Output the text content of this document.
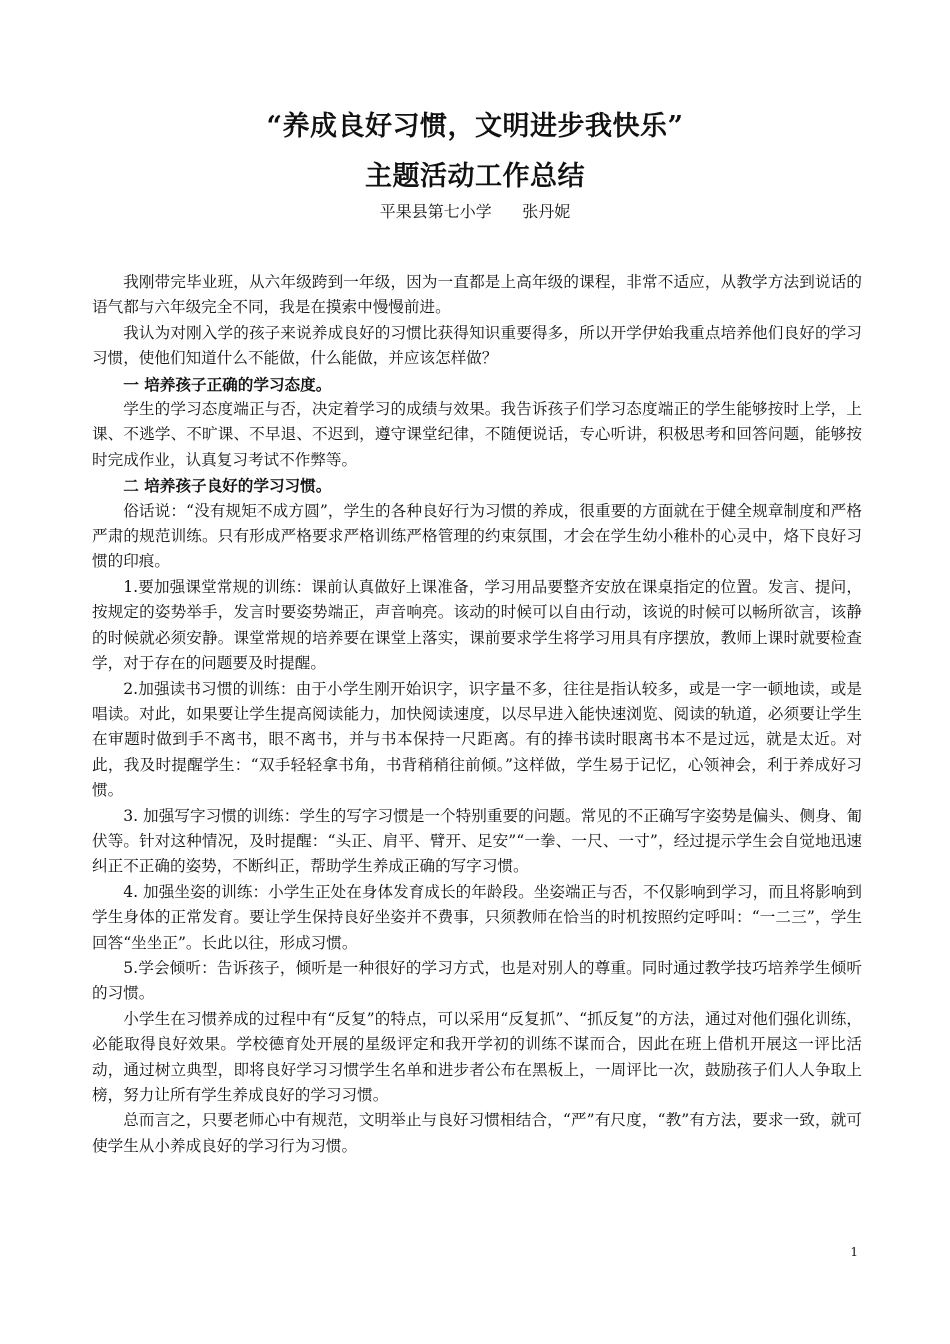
“养成良好习惯，文明进步我快乐”
主题活动工作总结
平果县第七小学      张丹妮

我刚带完毕业班，从六年级跨到一年级，因为一直都是上高年级的课程，非常不适应，从教学方法到说话的语气都与六年级完全不同，我是在摸索中慢慢前进。

我认为对刚入学的孩子来说养成良好的习惯比获得知识重要得多，所以开学伊始我重点培养他们良好的学习习惯，使他们知道什么不能做，什么能做，并应该怎样做？

一 培养孩子正确的学习态度。

学生的学习态度端正与否，决定着学习的成绩与效果。我告诉孩子们学习态度端正的学生能够按时上学，上课、不逃学、不旷课、不早退、不迟到，遵守课堂纪律，不随便说话，专心听讲，积极思考和回答问题，能够按时完成作业，认真复习考试不作弊等。

二 培养孩子良好的学习习惯。

俗话说：“没有规矩不成方圆”，学生的各种良好行为习惯的养成，很重要的方面就在于健全规章制度和严格严肃的规范训练。只有形成严格要求严格训练严格管理的约束氛围，才会在学生幼小稚朴的心灵中，烙下良好习惯的印痕。

1.要加强课堂常规的训练：课前认真做好上课准备，学习用品要整齐安放在课桌指定的位置。发言、提问，按规定的姿势举手，发言时要姿势端正，声音响亮。该动的时候可以自由行动，该说的时候可以畅所欲言，该静的时候就必须安静。课堂常规的培养要在课堂上落实，课前要求学生将学习用具有序摆放，教师上课时就要检查学，对于存在的问题要及时提醒。

2.加强读书习惯的训练：由于小学生刚开始识字，识字量不多，往往是指认较多，或是一字一顿地读，或是唱读。对此，如果要让学生提高阅读能力，加快阅读速度，以尽早进入能快速浏览、阅读的轨道，必须要让学生在审题时做到手不离书，眼不离书，并与书本保持一尺距离。有的捧书读时眼离书本不是过远，就是太近。对此，我及时提醒学生：“双手轻轻拿书角，书背稍稍往前倾。”这样做，学生易于记忆，心领神会，利于养成好习惯。

3. 加强写字习惯的训练：学生的写字习惯是一个特别重要的问题。常见的不正确写字姿势是偏头、侧身、匍伏等。针对这种情况，及时提醒：“头正、肩平、臂开、足安”“一拳、一尺、一寸”，经过提示学生会自觉地迅速纠正不正确的姿势，不断纠正，帮助学生养成正确的写字习惯。

4. 加强坐姿的训练：小学生正处在身体发育成长的年龄段。坐姿端正与否，不仅影响到学习，而且将影响到学生身体的正常发育。要让学生保持良好坐姿并不费事，只须教师在恰当的时机按照约定呼叫：“一二三”，学生回答“坐坐正”。长此以往，形成习惯。

5.学会倾听：告诉孩子，倾听是一种很好的学习方式，也是对别人的尊重。同时通过教学技巧培养学生倾听的习惯。

小学生在习惯养成的过程中有“反复”的特点，可以采用“反复抓”、“抓反复”的方法，通过对他们强化训练，必能取得良好效果。学校德育处开展的星级评定和我开学初的训练不谋而合，因此在班上借机开展这一评比活动，通过树立典型，即将良好学习习惯学生名单和进步者公布在黑板上，一周评比一次，鼓励孩子们人人争取上榜，努力让所有学生养成良好的学习习惯。

总而言之，只要老师心中有规范，文明举止与良好习惯相结合，“严”有尺度，“教”有方法，要求一致，就可使学生从小养成良好的学习行为习惯。

1
